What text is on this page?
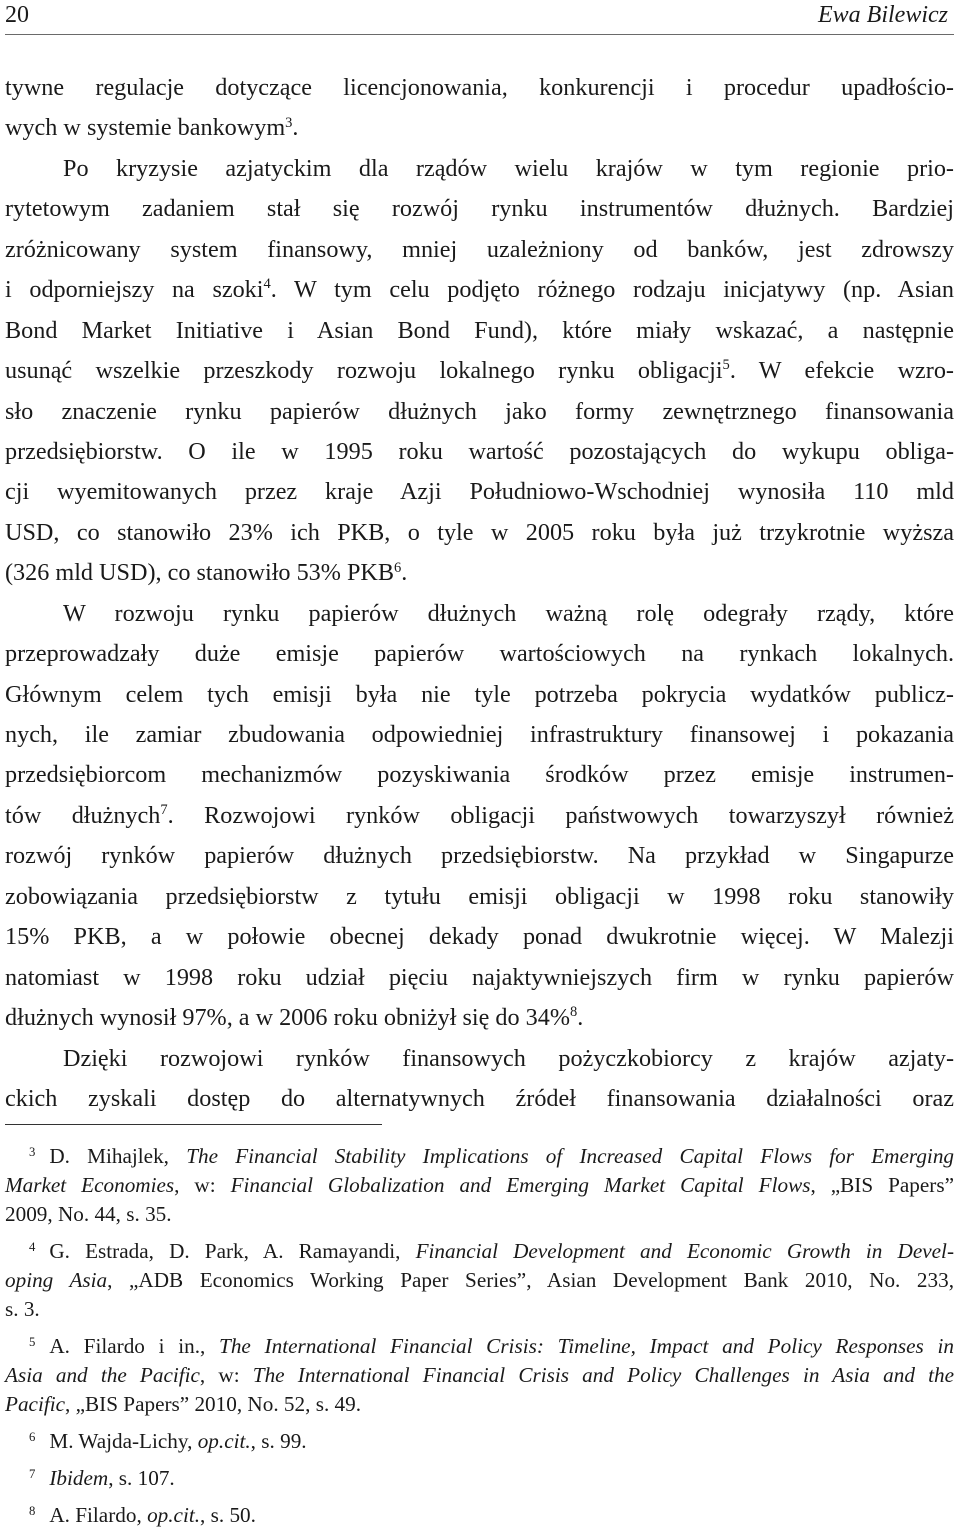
20	Ewa Bilewicz

tywne regulacje dotyczące licencjonowania, konkurencji i procedur upadłościo-
wych w systemie bankowym$^3$.

Po kryzysie azjatyckim dla rządów wielu krajów w tym regionie prio-
rytetowym zadaniem stał się rozwój rynku instrumentów dłużnych. Bardziej
zróżnicowany system finansowy, mniej uzależniony od banków, jest zdrowszy
i odporniejszy na szoki$^4$. W tym celu podjęto różnego rodzaju inicjatywy (np. Asian
Bond Market Initiative i Asian Bond Fund), które miały wskazać, a następnie
usunąć wszelkie przeszkody rozwoju lokalnego rynku obligacji$^5$. W efekcie wzro-
sło znaczenie rynku papierów dłużnych jako formy zewnętrznego finansowania
przedsiębiorstw. O ile w 1995 roku wartość pozostających do wykupu obliga-
cji wyemitowanych przez kraje Azji Południowo-Wschodniej wynosiła 110 mld
USD, co stanowiło 23% ich PKB, o tyle w 2005 roku była już trzykrotnie wyższa
(326 mld USD), co stanowiło 53% PKB$^6$.

W rozwoju rynku papierów dłużnych ważną rolę odegrały rządy, które
przeprowadzały duże emisje papierów wartościowych na rynkach lokalnych.
Głównym celem tych emisji była nie tyle potrzeba pokrycia wydatków publicz-
nych, ile zamiar zbudowania odpowiedniej infrastruktury finansowej i pokazania
przedsiębiorcom mechanizmów pozyskiwania środków przez emisje instrumen-
tów dłużnych$^7$. Rozwojowi rynków obligacji państwowych towarzyszył również
rozwój rynków papierów dłużnych przedsiębiorstw. Na przykład w Singapurze
zobowiązania przedsiębiorstw z tytułu emisji obligacji w 1998 roku stanowiły
15% PKB, a w połowie obecnej dekady ponad dwukrotnie więcej. W Malezji
natomiast w 1998 roku udział pięciu najaktywniejszych firm w rynku papierów
dłużnych wynosił 97%, a w 2006 roku obniżył się do 34%$^8$.

Dzięki rozwojowi rynków finansowych pożyczkobiorcy z krajów azjaty-
ckich zyskali dostęp do alternatywnych źródeł finansowania działalności oraz

3 D. Mihajlek, The Financial Stability Implications of Increased Capital Flows for Emerging
Market Economies, w: Financial Globalization and Emerging Market Capital Flows, „BIS Papers”
2009, No. 44, s. 35.
4 G. Estrada, D. Park, A. Ramayandi, Financial Development and Economic Growth in Devel-
oping Asia, „ADB Economics Working Paper Series”, Asian Development Bank 2010, No. 233,
s. 3.
5 A. Filardo i in., The International Financial Crisis: Timeline, Impact and Policy Responses in
Asia and the Pacific, w: The International Financial Crisis and Policy Challenges in Asia and the
Pacific, „BIS Papers” 2010, No. 52, s. 49.
6 M. Wajda-Lichy, op.cit., s. 99.
7 Ibidem, s. 107.
8 A. Filardo, op.cit., s. 50.
